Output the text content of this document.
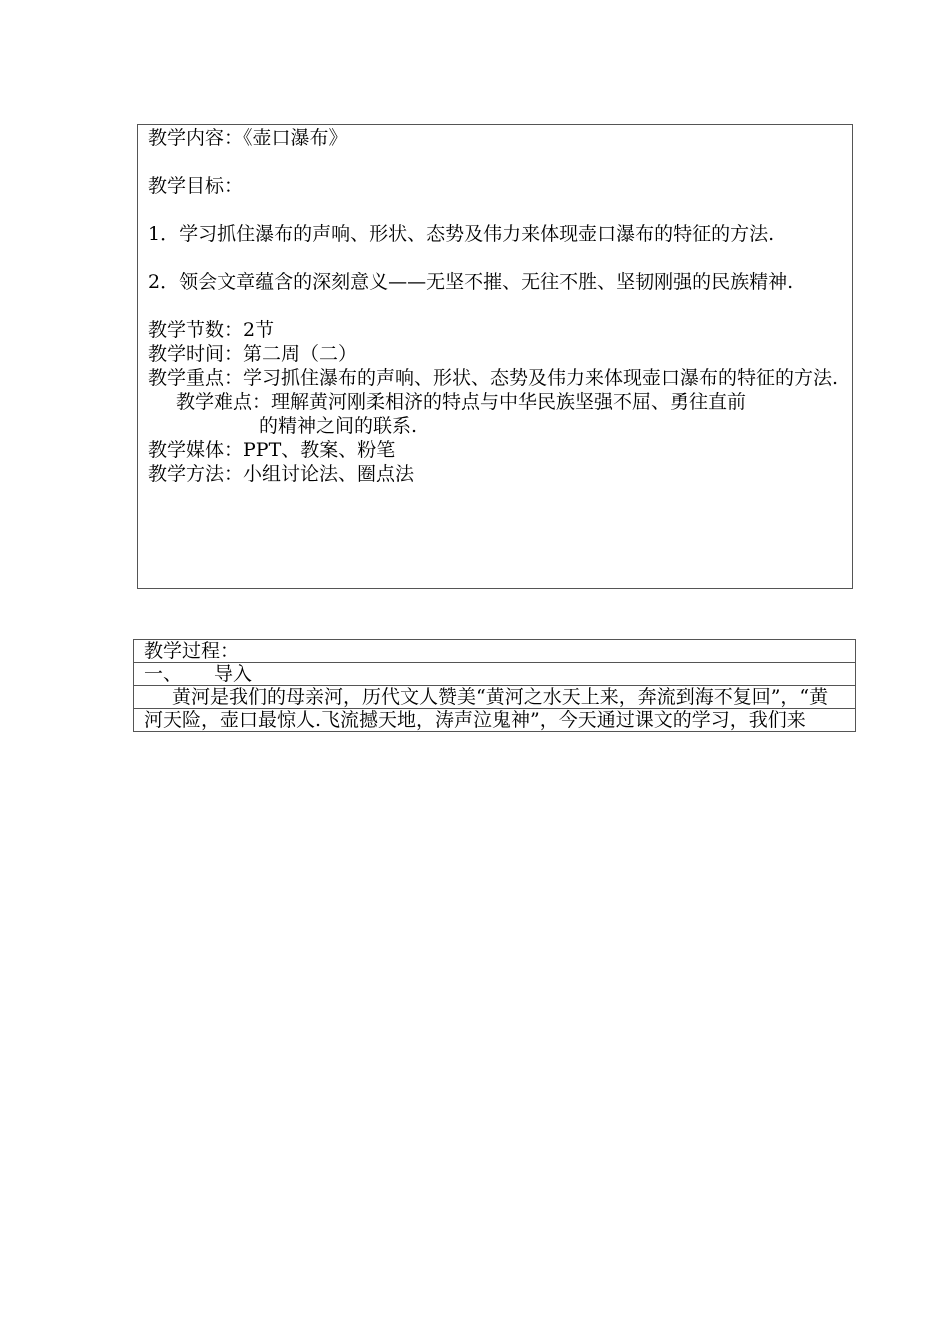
教学内容：《壶口瀑布》

教学目标：

1．学习抓住瀑布的声响、形状、态势及伟力来体现壶口瀑布的特征的方法.

2．领会文章蕴含的深刻意义——无坚不摧、无往不胜、坚韧刚强的民族精神.

教学节数：2节

教学时间：第二周（二）

教学重点：学习抓住瀑布的声响、形状、态势及伟力来体现壶口瀑布的特征的方法.

教学难点：理解黄河刚柔相济的特点与中华民族坚强不屈、勇往直前

的精神之间的联系.

教学媒体：PPT、教案、粉笔

教学方法：小组讨论法、圈点法

教学过程：
一、 导入
黄河是我们的母亲河，历代文人赞美“黄河之水天上来，奔流到海不复回”，“黄
河天险，壶口最惊人.飞流撼天地，涛声泣鬼神”，今天通过课文的学习，我们来
